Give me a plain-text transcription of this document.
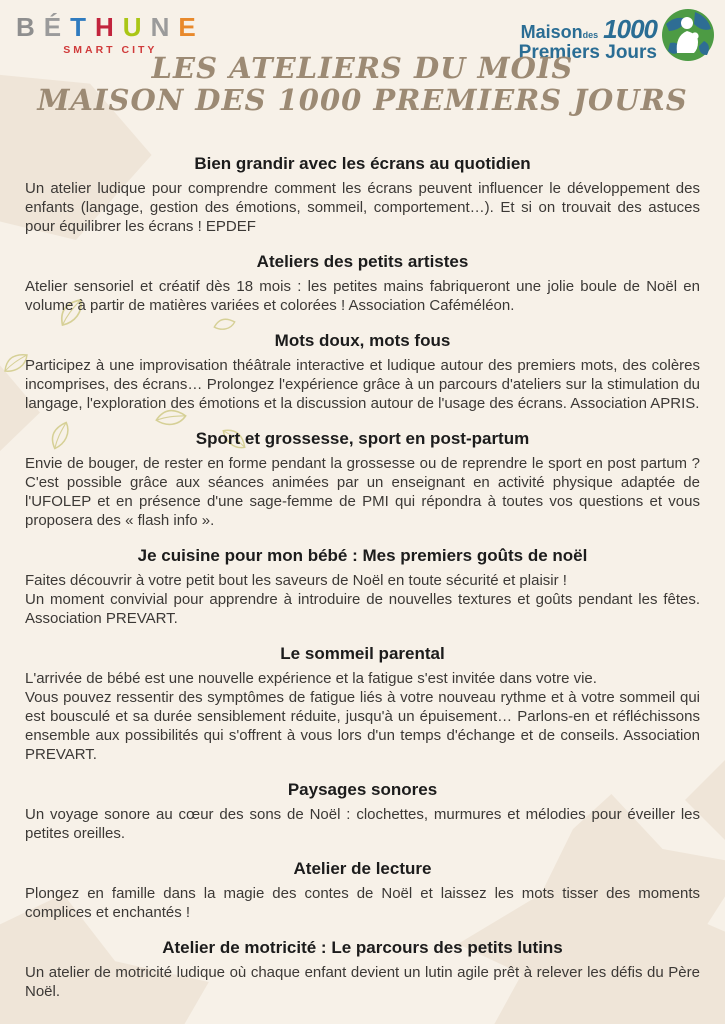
BÉTHUNE
SMART CITY
Maisondes 1000
Premiers Jours
LES ATELIERS DU MOIS
MAISON DES 1000 PREMIERS JOURS
Bien grandir avec les écrans au quotidien

Un atelier ludique pour comprendre comment les écrans peuvent influencer le développement des enfants (langage, gestion des émotions, sommeil, comportement…). Et si on trouvait des astuces pour équilibrer les écrans ! EPDEF

Ateliers des petits artistes

Atelier sensoriel et créatif dès 18 mois : les petites mains fabriqueront une jolie boule de Noël en volume à partir de matières variées et colorées ! Association Caféméléon.

Mots doux, mots fous

Participez à une improvisation théâtrale interactive et ludique autour des premiers mots, des colères incomprises, des écrans… Prolongez l'expérience grâce à un parcours d'ateliers sur la stimulation du langage, l'exploration des émotions et la discussion autour de l'usage des écrans. Association APRIS.

Sport et grossesse, sport en post-partum

Envie de bouger, de rester en forme pendant la grossesse ou de reprendre le sport en post partum ? C'est possible grâce aux séances animées par un enseignant en activité physique adaptée de l'UFOLEP et en présence d'une sage-femme de PMI qui répondra à toutes vos questions et vous proposera des « flash info ».

Je cuisine pour mon bébé : Mes premiers goûts de noël

Faites découvrir à votre petit bout les saveurs de Noël en toute sécurité et plaisir !

Un moment convivial pour apprendre à introduire de nouvelles textures et goûts pendant les fêtes. Association PREVART.

Le sommeil parental

L'arrivée de bébé est une nouvelle expérience et la fatigue s'est invitée dans votre vie.

Vous pouvez ressentir des symptômes de fatigue liés à votre nouveau rythme et à votre sommeil qui est bousculé et sa durée sensiblement réduite, jusqu'à un épuisement… Parlons-en et réfléchissons ensemble aux possibilités qui s'offrent à vous lors d'un temps d'échange et de conseils. Association PREVART.

Paysages sonores

Un voyage sonore au cœur des sons de Noël : clochettes, murmures et mélodies pour éveiller les petites oreilles.

Atelier de lecture

Plongez en famille dans la magie des contes de Noël et laissez les mots tisser des moments complices et enchantés !

Atelier de motricité : Le parcours des petits lutins

Un atelier de motricité ludique où chaque enfant devient un lutin agile prêt à relever les défis du Père Noël.
